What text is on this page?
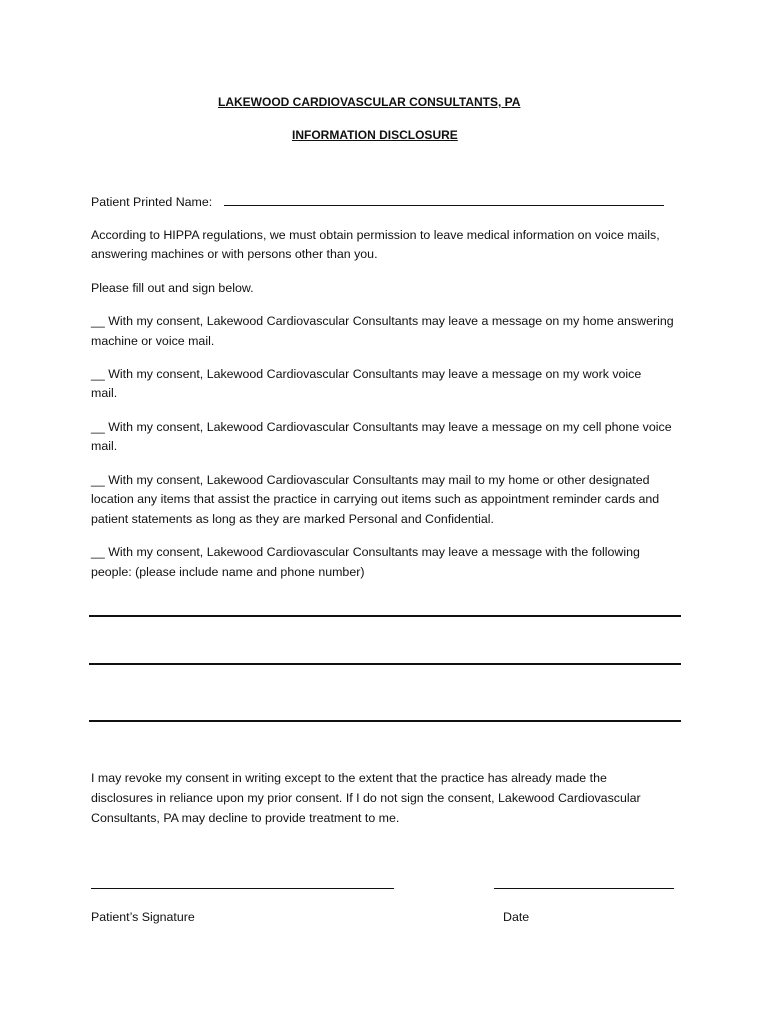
LAKEWOOD CARDIOVASCULAR CONSULTANTS, PA
INFORMATION DISCLOSURE
Patient Printed Name:
According to HIPPA regulations, we must obtain permission to leave medical information on voice mails,
answering machines or with persons other than you.
Please fill out and sign below.
__ With my consent, Lakewood Cardiovascular Consultants may leave a message on my home answering
machine or voice mail.
__ With my consent, Lakewood Cardiovascular Consultants may leave a message on my work voice
mail.
__ With my consent, Lakewood Cardiovascular Consultants may leave a message on my cell phone voice
mail.
__ With my consent, Lakewood Cardiovascular Consultants may mail to my home or other designated
location any items that assist the practice in carrying out items such as appointment reminder cards and
patient statements as long as they are marked Personal and Confidential.
__ With my consent, Lakewood Cardiovascular Consultants may leave a message with the following
people: (please include name and phone number)
I may revoke my consent in writing except to the extent that the practice has already made the
disclosures in reliance upon my prior consent. If I do not sign the consent, Lakewood Cardiovascular
Consultants, PA may decline to provide treatment to me.
Patient’s Signature	Date
